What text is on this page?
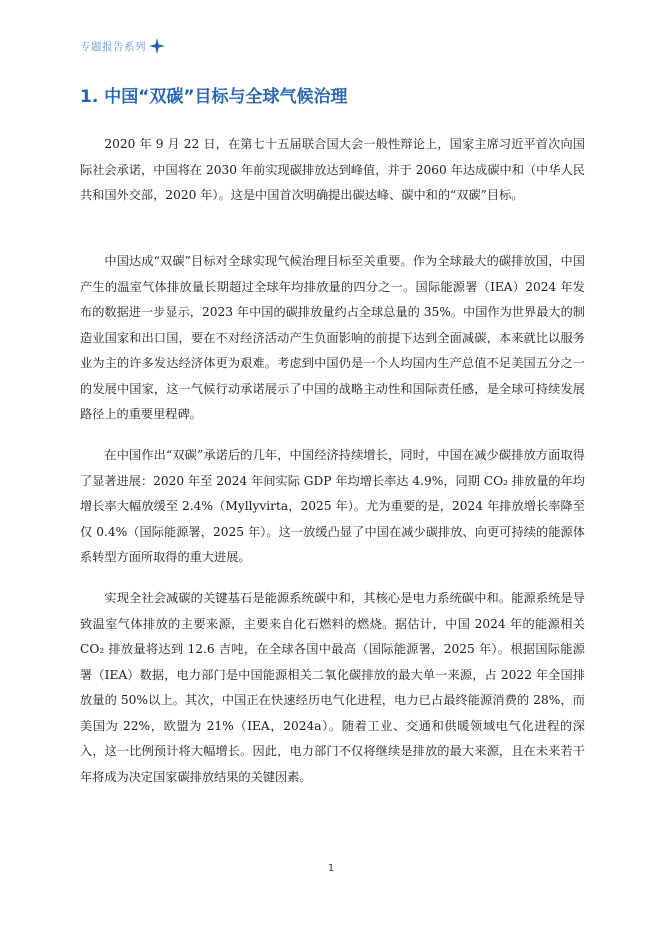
专题报告系列
1. 中国“双碳”目标与全球气候治理

2020 年 9 月 22 日，在第七十五届联合国大会一般性辩论上，国家主席习近平首次向国际社会承诺，中国将在 2030 年前实现碳排放达到峰值，并于 2060 年达成碳中和（中华人民共和国外交部，2020 年）。这是中国首次明确提出碳达峰、碳中和的“双碳”目标。

中国达成“双碳”目标对全球实现气候治理目标至关重要。作为全球最大的碳排放国，中国产生的温室气体排放量长期超过全球年均排放量的四分之一。国际能源署（IEA）2024 年发布的数据进一步显示，2023 年中国的碳排放量约占全球总量的 35%。中国作为世界最大的制造业国家和出口国，要在不对经济活动产生负面影响的前提下达到全面减碳，本来就比以服务业为主的许多发达经济体更为艰难。考虑到中国仍是一个人均国内生产总值不足美国五分之一的发展中国家，这一气候行动承诺展示了中国的战略主动性和国际责任感，是全球可持续发展路径上的重要里程碑。

在中国作出“双碳”承诺后的几年，中国经济持续增长，同时，中国在减少碳排放方面取得了显著进展：2020 年至 2024 年间实际 GDP 年均增长率达 4.9%，同期 CO₂ 排放量的年均增长率大幅放缓至 2.4%（Myllyvirta，2025 年）。尤为重要的是，2024 年排放增长率降至仅 0.4%（国际能源署，2025 年）。这一放缓凸显了中国在减少碳排放、向更可持续的能源体系转型方面所取得的重大进展。

实现全社会减碳的关键基石是能源系统碳中和，其核心是电力系统碳中和。能源系统是导致温室气体排放的主要来源，主要来自化石燃料的燃烧。据估计，中国 2024 年的能源相关 CO₂ 排放量将达到 12.6 吉吨，在全球各国中最高（国际能源署，2025 年）。根据国际能源署（IEA）数据，电力部门是中国能源相关二氧化碳排放的最大单一来源，占 2022 年全国排放量的 50%以上。其次，中国正在快速经历电气化进程，电力已占最终能源消费的 28%，而美国为 22%，欧盟为 21%（IEA，2024a）。随着工业、交通和供暖领域电气化进程的深入，这一比例预计将大幅增长。因此，电力部门不仅将继续是排放的最大来源，且在未来若干年将成为决定国家碳排放结果的关键因素。

1
